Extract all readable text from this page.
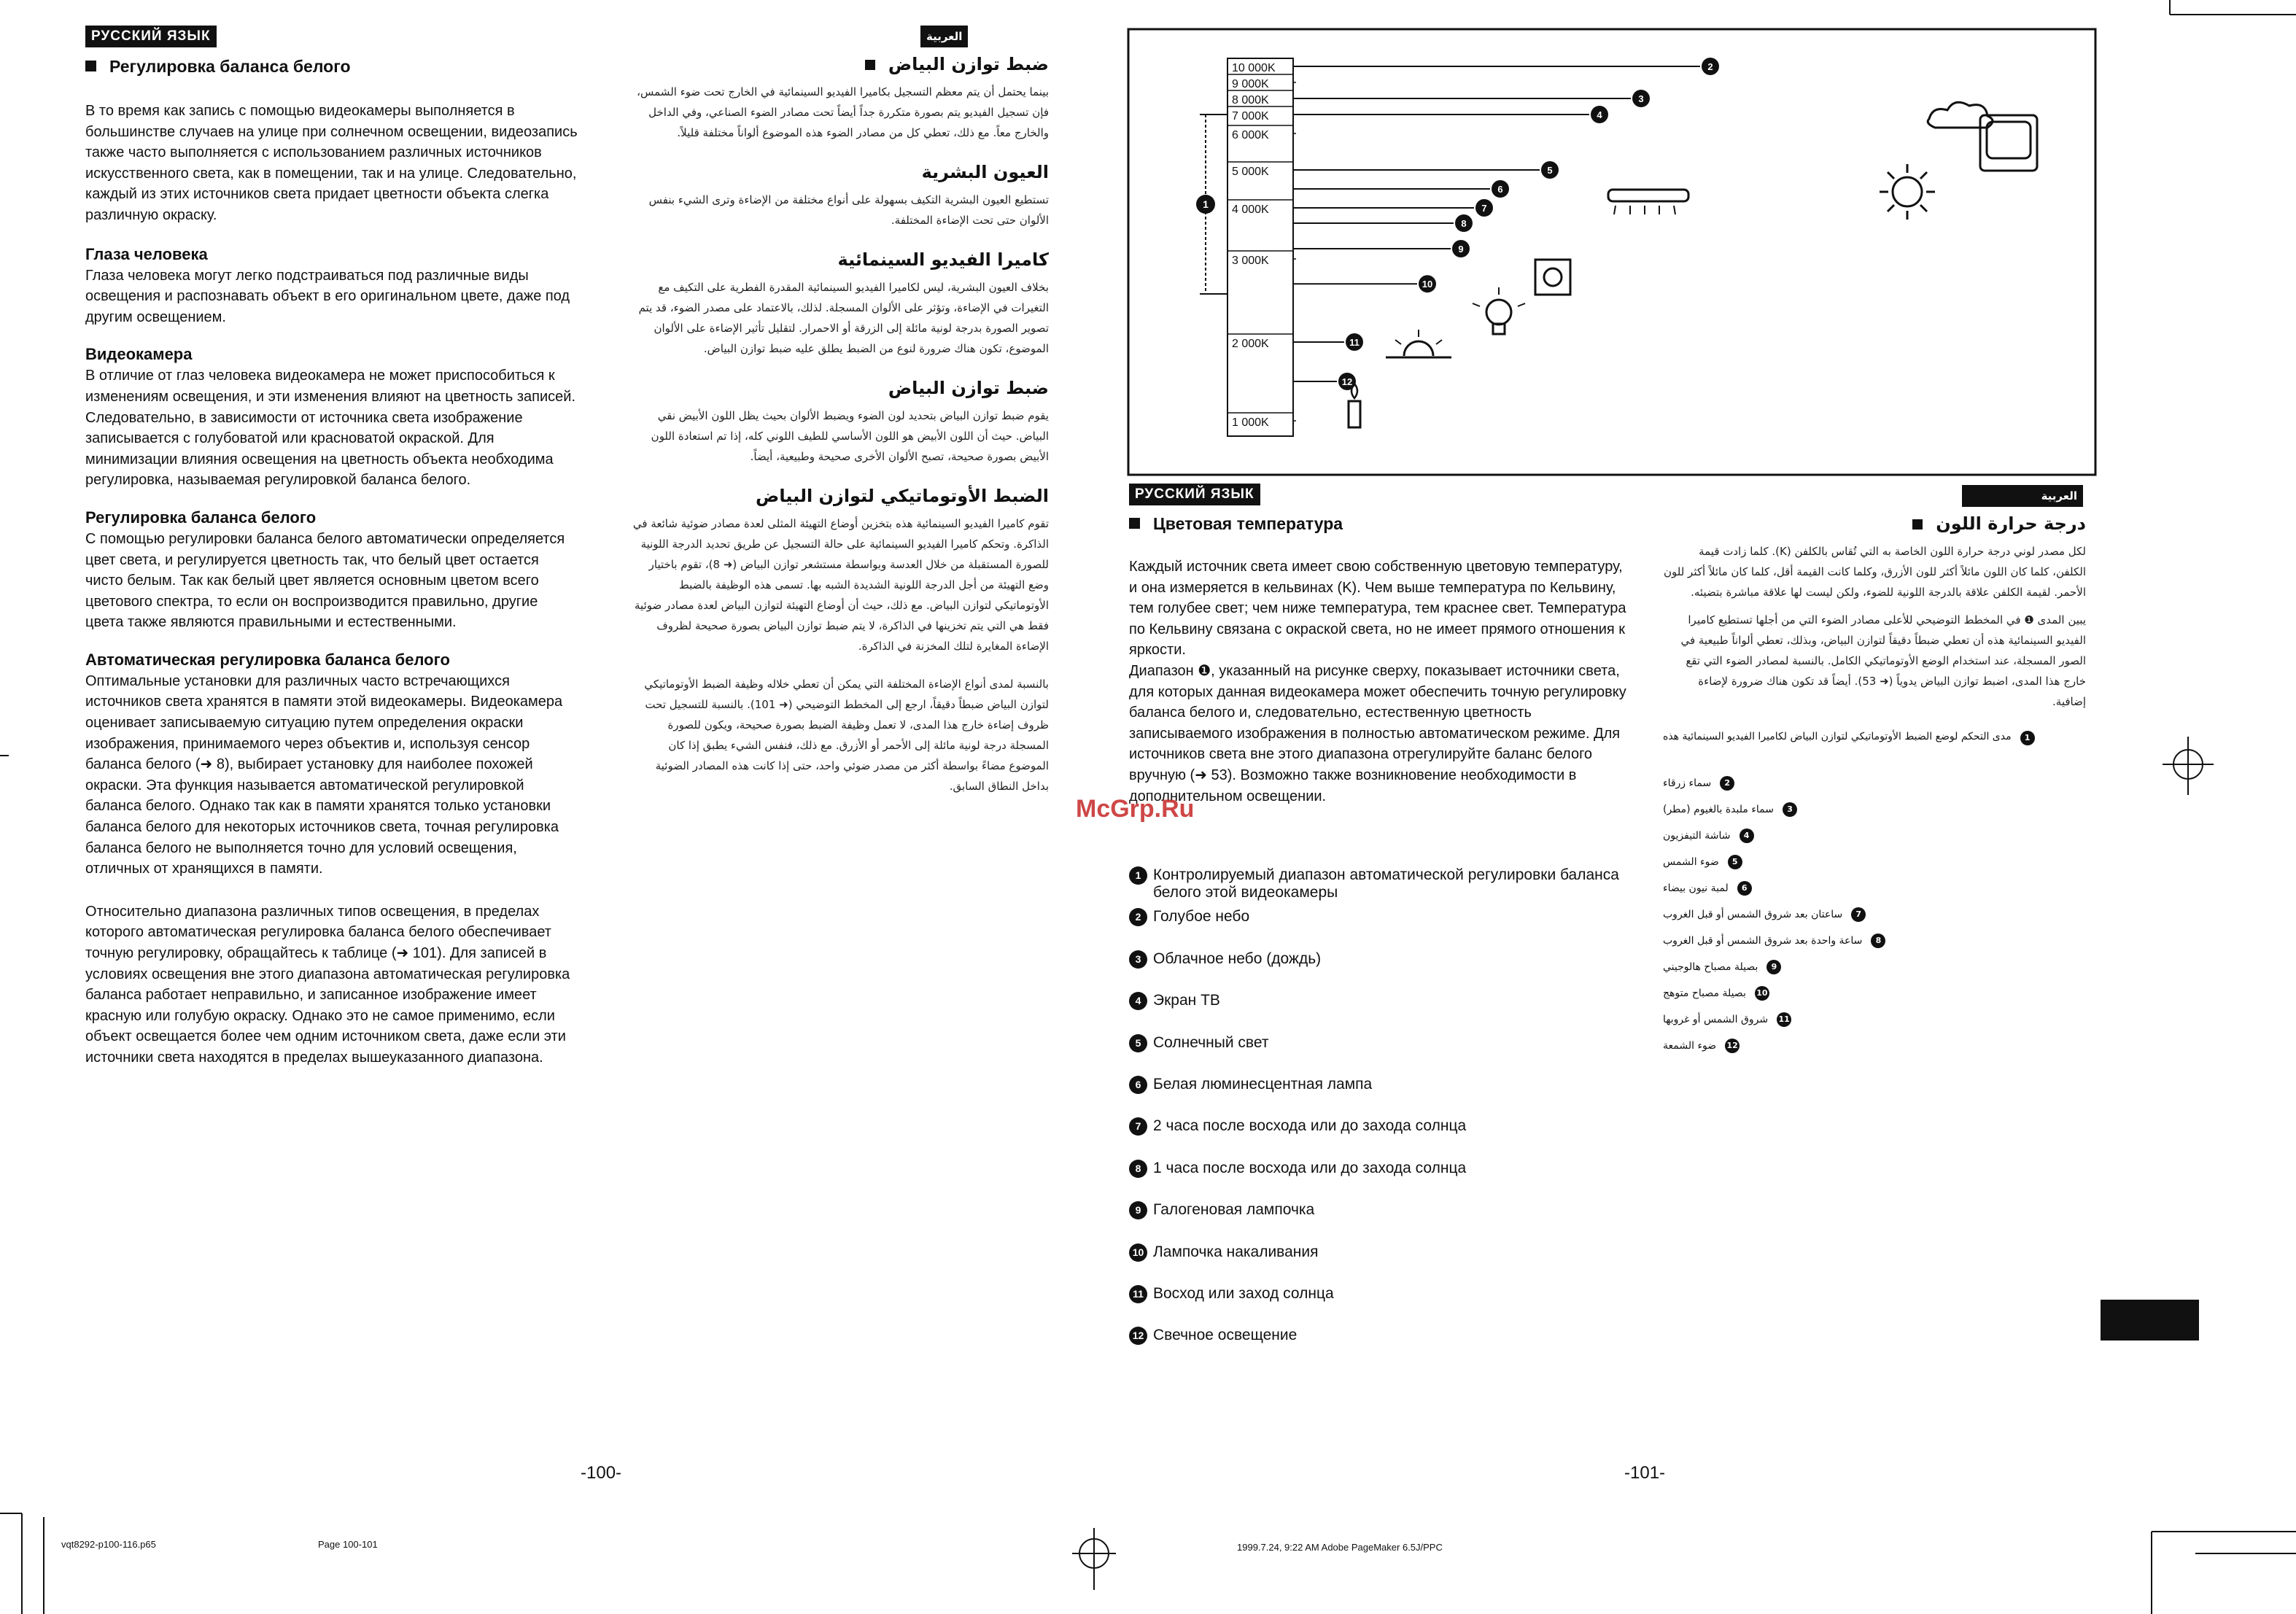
РУССКИЙ ЯЗЫК
Регулировка баланса белого

В то время как запись с помощью видеокамеры выполняется в большинстве случаев на улице при солнечном освещении, видеозапись также часто выполняется с использованием различных источников искусственного света, как в помещении, так и на улице. Следовательно, каждый из этих источников света придает цветности объекта слегка различную окраску.

Глаза человека

Глаза человека могут легко подстраиваться под различные виды освещения и распознавать объект в его оригинальном цвете, даже под другим освещением.

Видеокамера

В отличие от глаз человека видеокамера не может приспособиться к изменениям освещения, и эти изменения влияют на цветность записей. Следовательно, в зависимости от источника света изображение записывается с голубоватой или красноватой окраской. Для минимизации влияния освещения на цветность объекта необходима регулировка, называемая регулировкой баланса белого.

Регулировка баланса белого

С помощью регулировки баланса белого автоматически определяется цвет света, и регулируется цветность так, что белый цвет остается чисто белым. Так как белый цвет является основным цветом всего цветового спектра, то если он воспроизводится правильно, другие цвета также являются правильными и естественными.

Автоматическая регулировка баланса белого

Оптимальные установки для различных часто встречающихся источников света хранятся в памяти этой видеокамеры. Видеокамера оценивает записываемую ситуацию путем определения окраски изображения, принимаемого через объектив и, используя сенсор баланса белого (➜ 8), выбирает установку для наиболее похожей окраски. Эта функция называется автоматической регулировкой баланса белого. Однако так как в памяти хранятся только установки баланса белого для некоторых источников света, точная регулировка баланса белого не выполняется точно для условий освещения, отличных от хранящихся в памяти.

Относительно диапазона различных типов освещения, в пределах которого автоматическая регулировка баланса белого обеспечивает точную регулировку, обращайтесь к таблице (➜ 101). Для записей в условиях освещения вне этого диапазона автоматическая регулировка баланса работает неправильно, и записанное изображение имеет красную или голубую окраску. Однако это не самое применимо, если объект освещается более чем одним источником света, даже если эти источники света находятся в пределах вышеуказанного диапазона.

العربية
ضبط توازن البياض

بينما يحتمل أن يتم معظم التسجيل بكاميرا الفيديو السينمائية في الخارج تحت ضوء الشمس، فإن تسجيل الفيديو يتم بصورة متكررة جداً أيضاً تحت مصادر الضوء الصناعي، وفي الداخل والخارج معاً. مع ذلك، تعطي كل من مصادر الضوء هذه الموضوع ألواناً مختلفة قليلاً.

العيون البشرية

تستطيع العيون البشرية التكيف بسهولة على أنواع مختلفة من الإضاءة وترى الشيء بنفس الألوان حتى تحت الإضاءة المختلفة.

كاميرا الفيديو السينمائية

بخلاف العيون البشرية، ليس لكاميرا الفيديو السينمائية المقدرة الفطرية على التكيف مع التغيرات في الإضاءة، وتؤثر على الألوان المسجلة. لذلك، بالاعتماد على مصدر الضوء، قد يتم تصوير الصورة بدرجة لونية مائلة إلى الزرقة أو الاحمرار. لتقليل تأثير الإضاءة على الألوان الموضوع، تكون هناك ضرورة لنوع من الضبط يطلق عليه ضبط توازن البياض.

ضبط توازن البياض

يقوم ضبط توازن البياض بتحديد لون الضوء ويضبط الألوان بحيث يظل اللون الأبيض نقي البياض. حيث أن اللون الأبيض هو اللون الأساسي للطيف اللوني كله، إذا تم استعادة اللون الأبيض بصورة صحيحة، تصبح الألوان الأخرى صحيحة وطبيعية، أيضاً.

الضبط الأوتوماتيكي لتوازن البياض

تقوم كاميرا الفيديو السينمائية هذه بتخزين أوضاع التهيئة المثلى لعدة مصادر ضوئية شائعة في الذاكرة. وتحكم كاميرا الفيديو السينمائية على حالة التسجيل عن طريق تحديد الدرجة اللونية للصورة المستقبلة من خلال العدسة وبواسطة مستشعر توازن البياض (➜ 8)، تقوم باختيار وضع التهيئة من أجل الدرجة اللونية الشديدة الشبه بها. تسمى هذه الوظيفة بالضبط الأوتوماتيكي لتوازن البياض. مع ذلك، حيث أن أوضاع التهيئة لتوازن البياض لعدة مصادر ضوئية فقط هي التي يتم تخزينها في الذاكرة، لا يتم ضبط توازن البياض بصورة صحيحة لظروف الإضاءة المغايرة لتلك المخزنة في الذاكرة.

بالنسبة لمدى أنواع الإضاءة المختلفة التي يمكن أن تعطي خلاله وظيفة الضبط الأوتوماتيكي لتوازن البياض ضبطاً دقيقاً، ارجع إلى المخطط التوضيحي (➜ 101). بالنسبة للتسجيل تحت ظروف إضاءة خارج هذا المدى، لا تعمل وظيفة الضبط بصورة صحيحة، ويكون للصورة المسجلة درجة لونية مائلة إلى الأحمر أو الأزرق. مع ذلك، فنفس الشيء يطبق إذا كان الموضوع مضاءً بواسطة أكثر من مصدر ضوئي واحد، حتى إذا كانت هذه المصادر الضوئية بداخل النطاق السابق.

-100-
10 000K
9 000K
8 000K
7 000K
6 000K
5 000K
4 000K
3 000K
2 000K
1 000K
1
2
3
4
5
6
7
8
9
10
11
12
РУССКИЙ ЯЗЫК
Цветовая температура

Каждый источник света имеет свою собственную цветовую температуру, и она измеряется в кельвинах (K). Чем выше температура по Кельвину, тем голубее свет; чем ниже температура, тем краснее свет. Температура по Кельвину связана с окраской света, но не имеет прямого отношения к яркости.

Диапазон ❶, указанный на рисунке сверху, показывает источники света, для которых данная видеокамера может обеспечить точную регулировку баланса белого и, следовательно, естественную цветность записываемого изображения в полностью автоматическом режиме. Для источников света вне этого диапазона отрегулируйте баланс белого вручную (➜ 53). Возможно также возникновение необходимости в дополнительном освещении.

1 Контролируемый диапазон автоматической регулировки баланса белого этой видеокамеры
2 Голубое небо
3 Облачное небо (дождь)
4 Экран ТВ
5 Солнечный свет
6 Белая люминесцентная лампа
7 2 часа после восхода или до захода солнца
8 1 часа после восхода или до захода солнца
9 Галогеновая лампочка
10 Лампочка накаливания
11 Восход или заход солнца
12 Свечное освещение
العربية
درجة حرارة اللون

لكل مصدر لوني درجة حرارة اللون الخاصة به التي تُقاس بالكلفن (K). كلما زادت قيمة الكلفن، كلما كان اللون مائلاً أكثر للون الأزرق، وكلما كانت القيمة أقل، كلما كان مائلاً أكثر للون الأحمر. لقيمة الكلفن علاقة بالدرجة اللونية للضوء، ولكن ليست لها علاقة مباشرة بتضيئه.

يبين المدى ❶ في المخطط التوضيحي للأعلى مصادر الضوء التي من أجلها تستطيع كاميرا الفيديو السينمائية هذه أن تعطي ضبطاً دقيقاً لتوازن البياض، وبذلك، تعطي ألواناً طبيعية في الصور المسجلة، عند استخدام الوضع الأوتوماتيكي الكامل. بالنسبة لمصادر الضوء التي تقع خارج هذا المدى، اضبط توازن البياض يدوياً (➜ 53). أيضاً قد تكون هناك ضرورة لإضاءة إضافية.

1
مدى التحكم لوضع الضبط الأوتوماتيكي لتوازن البياض لكاميرا الفيديو السينمائية هذه
2
سماء زرقاء
3
سماء ملبدة بالغيوم (مطر)
4
شاشة التيفزيون
5
ضوء الشمس
6
لمبة نيون بيضاء
7
ساعتان بعد شروق الشمس أو قبل الغروب
8
ساعة واحدة بعد شروق الشمس أو قبل الغروب
9
بصيلة مصباح هالوجيني
10
بصيلة مصباح متوهج
11
شروق الشمس أو غروبها
12
ضوء الشمعة
-101-
McGrp.Ru
vqt8292-p100-116.p65	Page 100-101	1999.7.24, 9:22 AM Adobe PageMaker 6.5J/PPC
